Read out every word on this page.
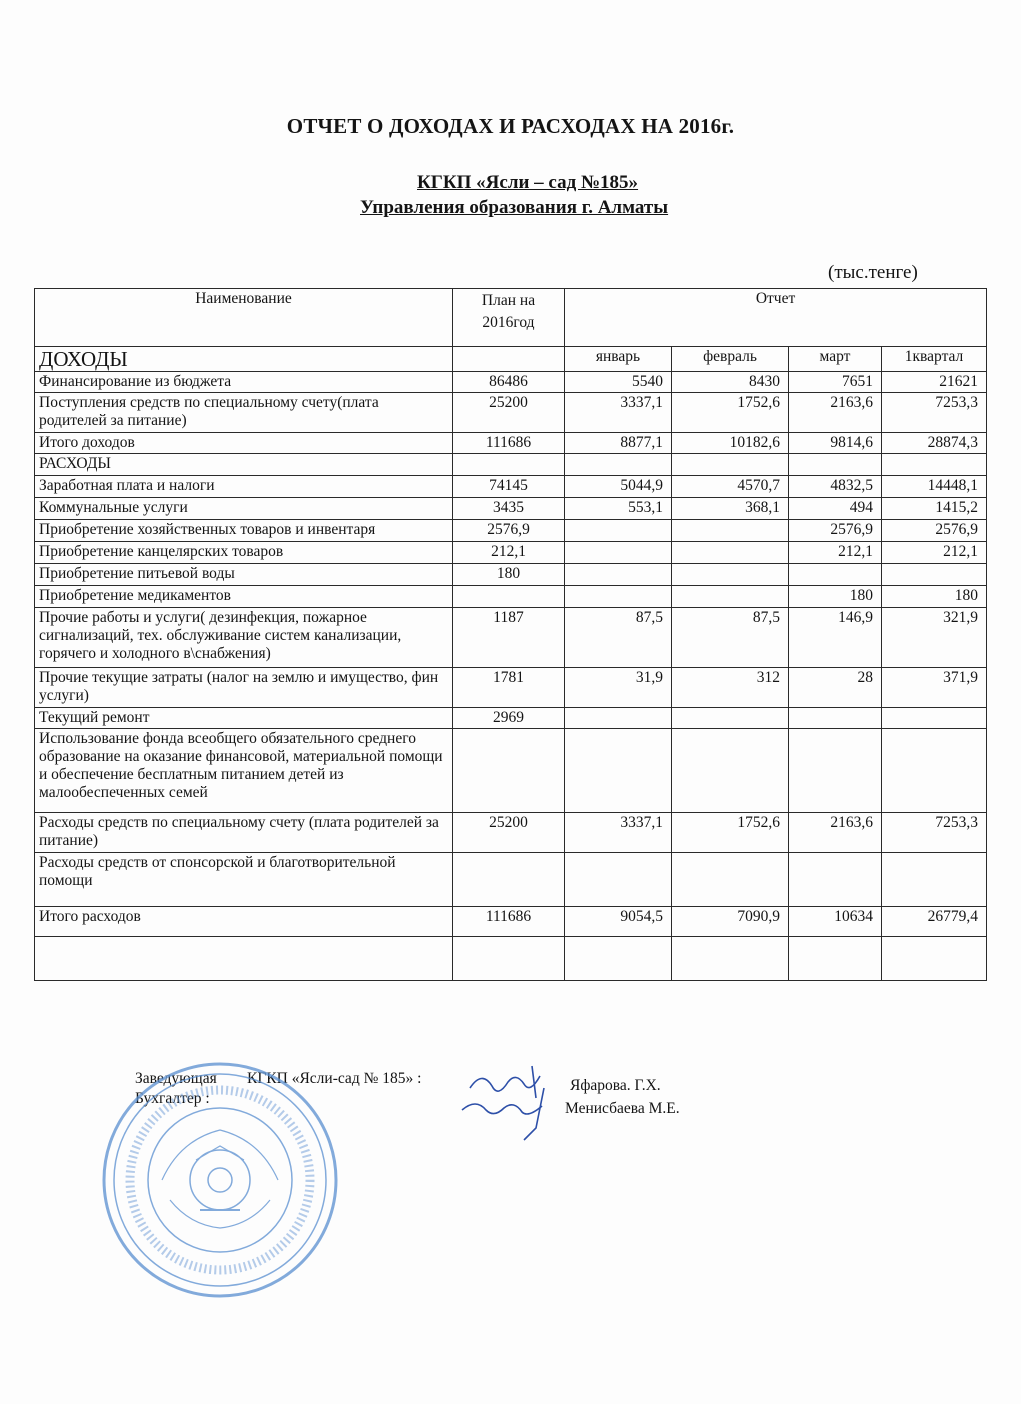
ОТЧЕТ О ДОХОДАХ И РАСХОДАХ НА 2016г.
КГКП «Ясли – сад №185»
Управления образования г. Алматы
(тыс.тенге)
Наименование	План на 2016год	Отчет			
ДОХОДЫ		январь	февраль	март	1квартал
Финансирование из бюджета	86486	5540	8430	7651	21621
Поступления средств по специальному счету(плата родителей за питание)	25200	3337,1	1752,6	2163,6	7253,3
Итого доходов	111686	8877,1	10182,6	9814,6	28874,3
РАСХОДЫ					
Заработная плата и налоги	74145	5044,9	4570,7	4832,5	14448,1
Коммунальные услуги	3435	553,1	368,1	494	1415,2
Приобретение хозяйственных товаров и инвентаря	2576,9			2576,9	2576,9
Приобретение канцелярских товаров	212,1			212,1	212,1
Приобретение питьевой воды	180				
Приобретение медикаментов				180	180
Прочие работы и услуги( дезинфекция, пожарное сигнализаций, тех. обслуживание систем канализации, горячего и холодного в\снабжения)	1187	87,5	87,5	146,9	321,9
Прочие текущие затраты (налог на землю и имущество, фин услуги)	1781	31,9	312	28	371,9
Текущий ремонт	2969				
Использование фонда всеобщего обязательного среднего образование на оказание финансовой, материальной помощи и обеспечение бесплатным питанием детей из малообеспеченных семей					
Расходы средств по специальному счету (плата родителей за питание)	25200	3337,1	1752,6	2163,6	7253,3
Расходы средств от спонсорской и благотворительной помощи					
Итого расходов	111686	9054,5	7090,9	10634	26779,4

Заведующая КГКП «Ясли-сад № 185» :
Бухгалтер :
Яфарова. Г.Х.
Менисбаева М.Е.
